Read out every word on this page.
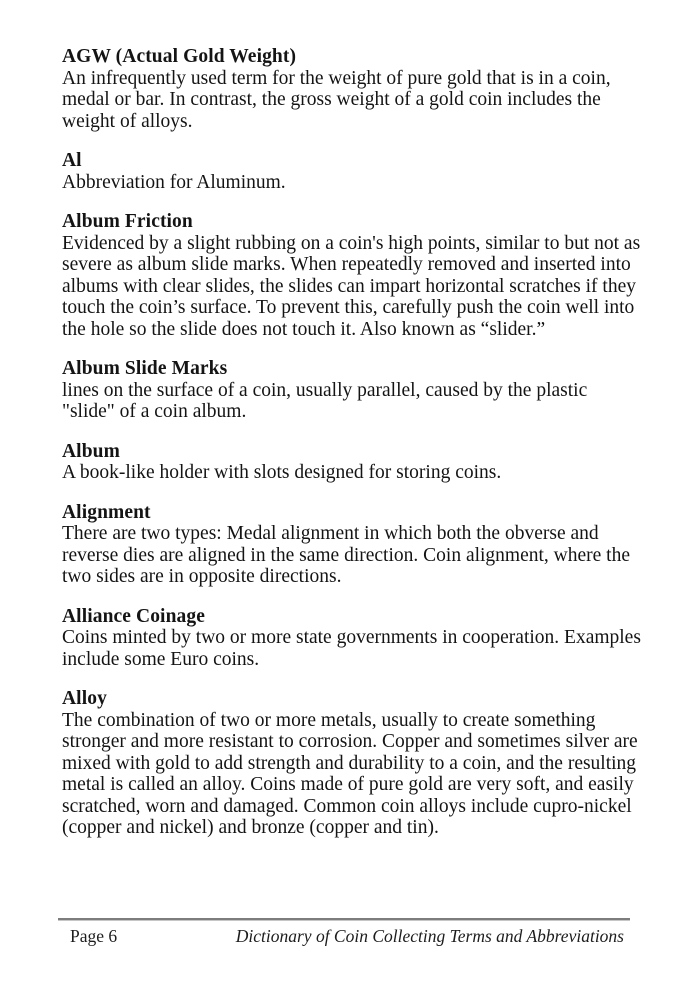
AGW (Actual Gold Weight)

An infrequently used term for the weight of pure gold that is in a coin, medal or bar. In contrast, the gross weight of a gold coin includes the weight of alloys.

Al

Abbreviation for Aluminum.

Album Friction

Evidenced by a slight rubbing on a coin's high points, similar to but not as severe as album slide marks. When repeatedly removed and inserted into albums with clear slides, the slides can impart horizontal scratches if they touch the coin’s surface. To prevent this, carefully push the coin well into the hole so the slide does not touch it. Also known as “slider.”

Album Slide Marks

lines on the surface of a coin, usually parallel, caused by the plastic "slide" of a coin album.

Album

A book-like holder with slots designed for storing coins.

Alignment

There are two types: Medal alignment in which both the obverse and reverse dies are aligned in the same direction. Coin alignment, where the two sides are in opposite directions.

Alliance Coinage

Coins minted by two or more state governments in cooperation. Examples include some Euro coins.

Alloy

The combination of two or more metals, usually to create something stronger and more resistant to corrosion. Copper and sometimes silver are mixed with gold to add strength and durability to a coin, and the resulting metal is called an alloy. Coins made of pure gold are very soft, and easily scratched, worn and damaged. Common coin alloys include cupro-nickel (copper and nickel) and bronze (copper and tin).

Page 6	Dictionary of Coin Collecting Terms and Abbreviations
